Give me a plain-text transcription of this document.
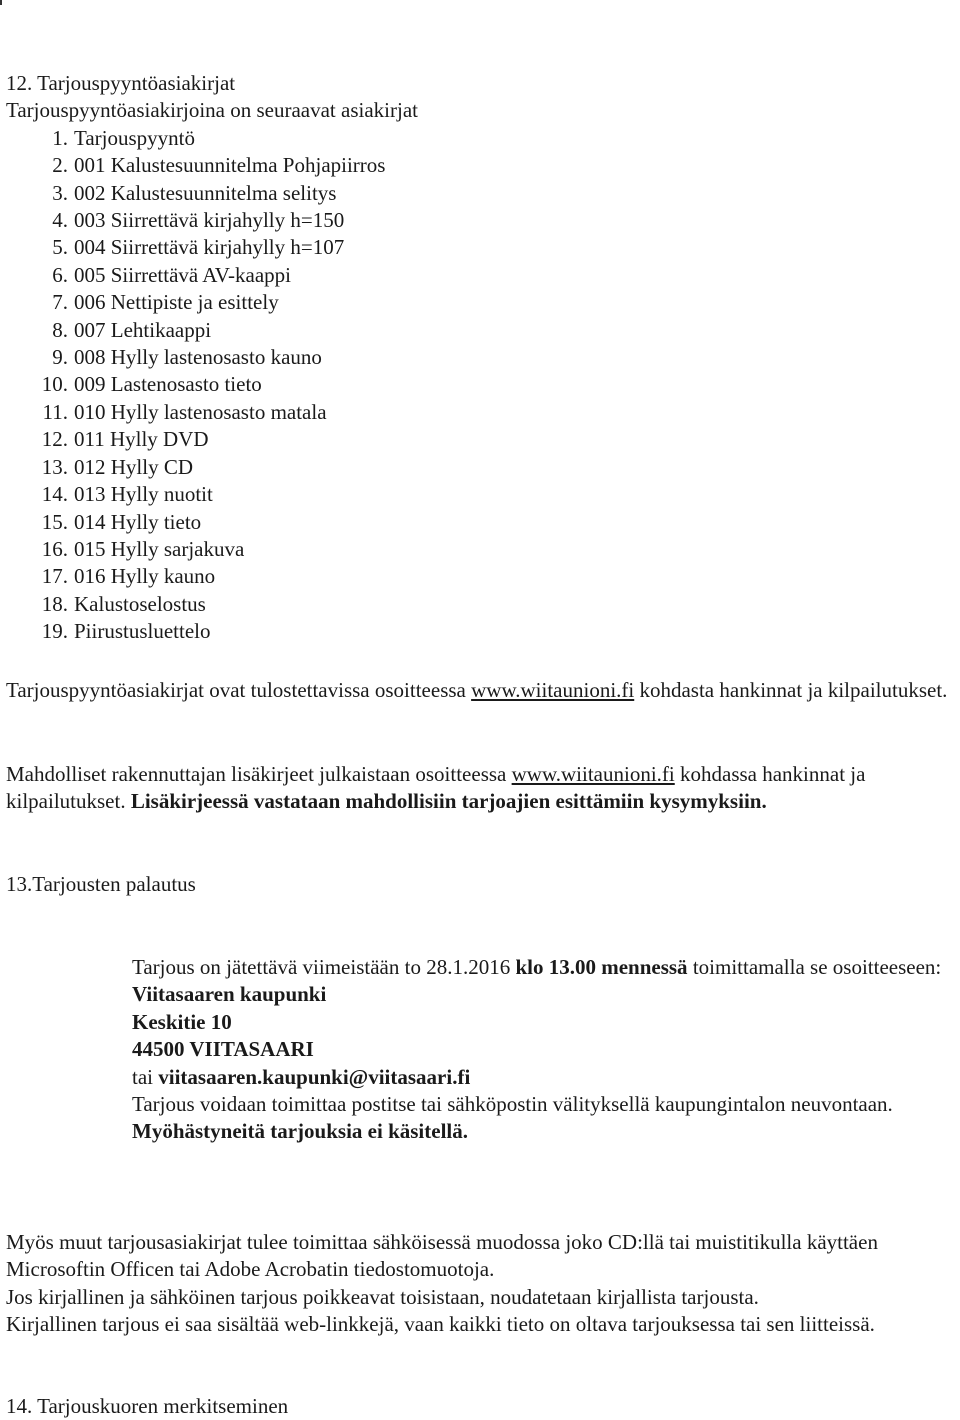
12. Tarjouspyyntöasiakirjat

Tarjouspyyntöasiakirjoina on seuraavat asiakirjat

1. Tarjouspyyntö
2. 001 Kalustesuunnitelma Pohjapiirros
3. 002 Kalustesuunnitelma selitys
4. 003 Siirrettävä kirjahylly h=150
5. 004 Siirrettävä kirjahylly h=107
6. 005 Siirrettävä AV-kaappi
7. 006 Nettipiste ja esittely
8. 007 Lehtikaappi
9. 008 Hylly lastenosasto kauno
10. 009 Lastenosasto tieto
11. 010 Hylly lastenosasto matala
12. 011 Hylly DVD
13. 012 Hylly CD
14. 013 Hylly nuotit
15. 014 Hylly tieto
16. 015 Hylly sarjakuva
17. 016 Hylly kauno
18. Kalustoselostus
19. Piirustusluettelo

Tarjouspyyntöasiakirjat ovat tulostettavissa osoitteessa www.wiitaunioni.fi kohdasta hankinnat ja kilpailutukset.

Mahdolliset rakennuttajan lisäkirjeet julkaistaan osoitteessa www.wiitaunioni.fi kohdassa hankinnat ja kilpailutukset. Lisäkirjeessä vastataan mahdollisiin tarjoajien esittämiin kysymyksiin.

13.Tarjousten palautus

Tarjous on jätettävä viimeistään to 28.1.2016 klo 13.00 mennessä toimittamalla se osoitteeseen:

Viitasaaren kaupunki

Keskitie 10

44500 VIITASAARI

tai viitasaaren.kaupunki@viitasaari.fi

Tarjous voidaan toimittaa postitse tai sähköpostin välityksellä kaupungintalon neuvontaan. Myöhästyneitä tarjouksia ei käsitellä.

Myös muut tarjousasiakirjat tulee toimittaa sähköisessä muodossa joko CD:llä tai muistitikulla käyttäen Microsoftin Officen tai Adobe Acrobatin tiedostomuotoja.

Jos kirjallinen ja sähköinen tarjous poikkeavat toisistaan, noudatetaan kirjallista tarjousta.

Kirjallinen tarjous ei saa sisältää web-linkkejä, vaan kaikki tieto on oltava tarjouksessa tai sen liitteissä.

14. Tarjouskuoren merkitseminen
